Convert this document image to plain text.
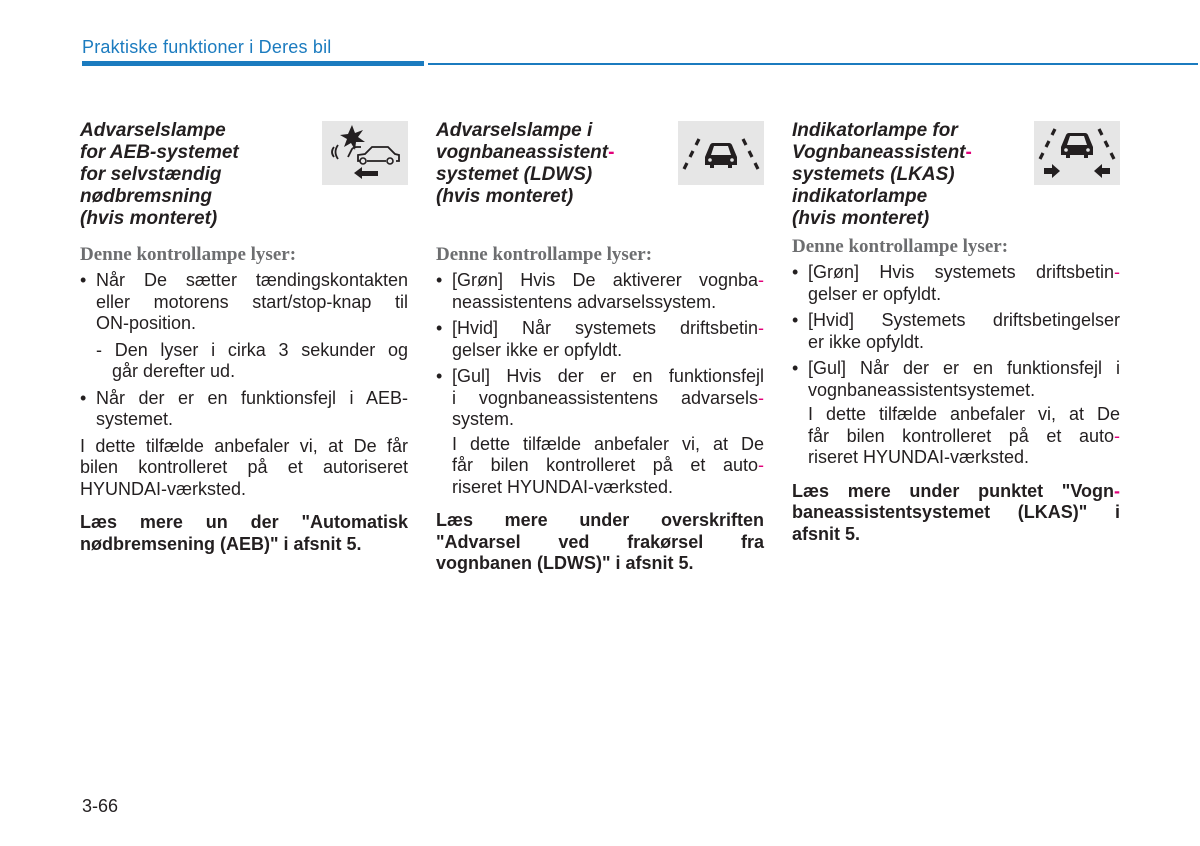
Praktiske funktioner i Deres bil
Advarselslampe
for AEB-systemet
for selvstændig
nødbremsning
(hvis monteret)
Denne kontrollampe lyser:
• Når De sætter tændingskontakten
eller motorens start/stop-knap til
ON-position.
- Den lyser i cirka 3 sekunder og
går derefter ud.
• Når der er en funktionsfejl i AEB-
systemet.
I dette tilfælde anbefaler vi, at De får
bilen kontrolleret på et autoriseret
HYUNDAI-værksted.
Læs mere un der "Automatisk
nødbremsening (AEB)" i afsnit 5.
Advarselslampe i
vognbaneassistent-
systemet (LDWS)
(hvis monteret)
Denne kontrollampe lyser:
• [Grøn] Hvis De aktiverer vognba-
neassistentens advarselssystem.
• [Hvid] Når systemets driftsbetin-
gelser ikke er opfyldt.
• [Gul] Hvis der er en funktionsfejl
i vognbaneassistentens advarsels-
system.
I dette tilfælde anbefaler vi, at De
får bilen kontrolleret på et auto-
riseret HYUNDAI-værksted.
Læs mere under overskriften
"Advarsel ved frakørsel fra
vognbanen (LDWS)" i afsnit 5.
Indikatorlampe for
Vognbaneassistent-
systemets (LKAS)
indikatorlampe
(hvis monteret)
Denne kontrollampe lyser:
• [Grøn] Hvis systemets driftsbetin-
gelser er opfyldt.
• [Hvid] Systemets driftsbetingelser
er ikke opfyldt.
• [Gul] Når der er en funktionsfejl i
vognbaneassistentsystemet.
I dette tilfælde anbefaler vi, at De
får bilen kontrolleret på et auto-
riseret HYUNDAI-værksted.
Læs mere under punktet "Vogn-
baneassistentsystemet (LKAS)" i
afsnit 5.
3-66
